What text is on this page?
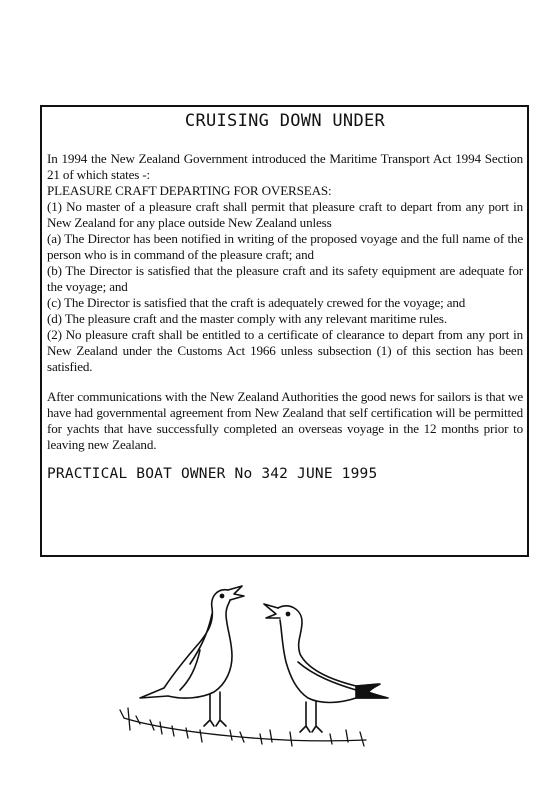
CRUISING DOWN UNDER

In 1994 the New Zealand Government introduced the Maritime Transport Act 1994 Section 21 of which states -:

PLEASURE CRAFT DEPARTING FOR OVERSEAS:

(1) No master of a pleasure craft shall permit that pleasure craft to depart from any port in New Zealand for any place outside New Zealand unless

(a) The Director has been notified in writing of the proposed voyage and the full name of the person who is in command of the pleasure craft; and

(b) The Director is satisfied that the pleasure craft and its safety equipment are adequate for the voyage; and

(c) The Director is satisfied that the craft is adequately crewed for the voyage; and

(d) The pleasure craft and the master comply with any relevant maritime rules.

(2) No pleasure craft shall be entitled to a certificate of clearance to depart from any port in New Zealand under the Customs Act 1966 unless subsection (1) of this section has been satisfied.

After communications with the New Zealand Authorities the good news for sailors is that we have had governmental agreement from New Zealand that self certification will be permitted for yachts that have successfully completed an overseas voyage in the 12 months prior to leaving new Zealand.

PRACTICAL BOAT OWNER No 342 JUNE 1995
